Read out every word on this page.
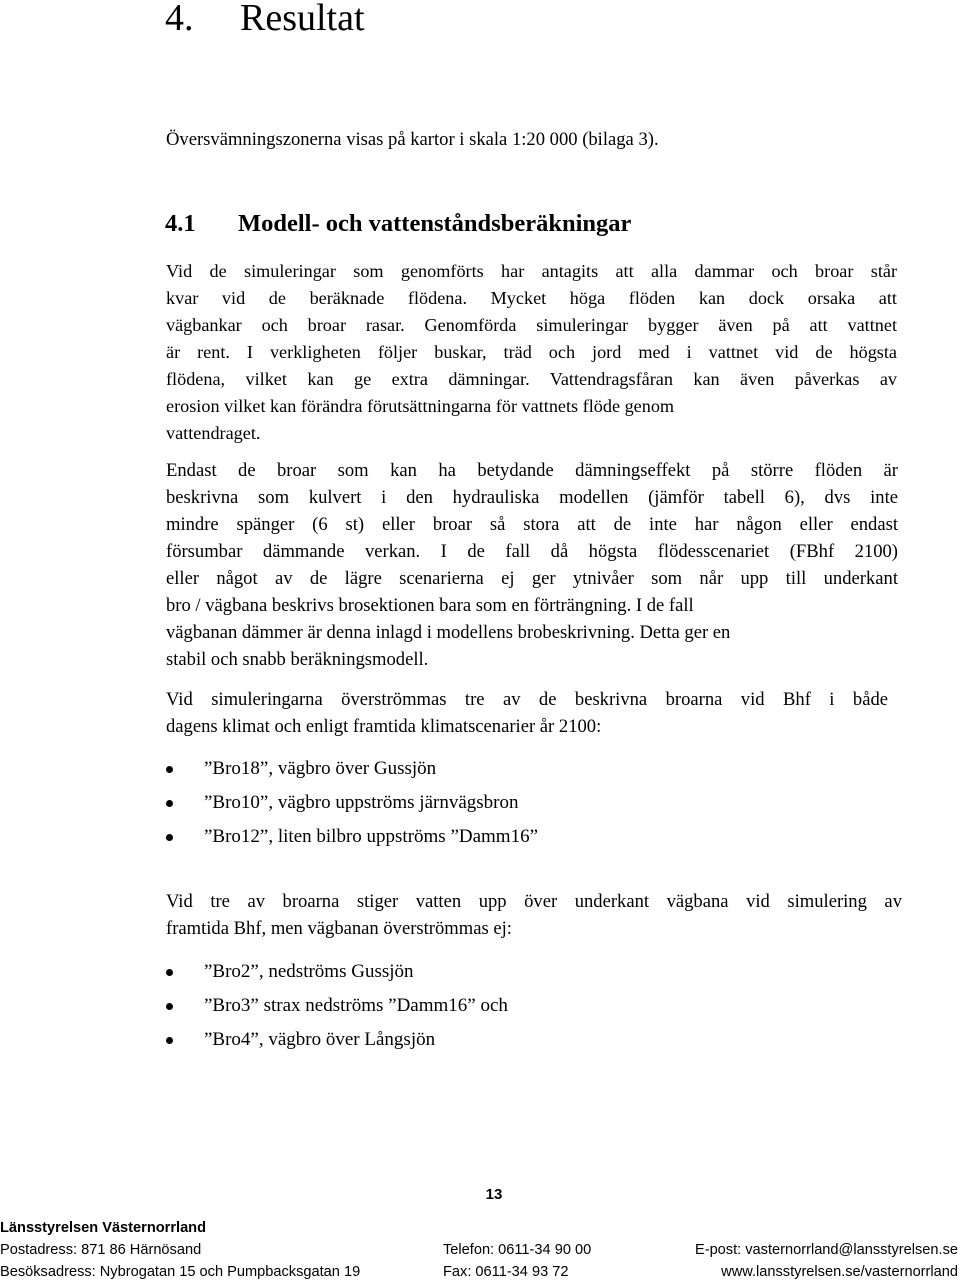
4. Resultat
Översvämningszonerna visas på kartor i skala 1:20 000 (bilaga 3).
4.1 Modell- och vattenståndsberäkningar
Vid de simuleringar som genomförts har antagits att alla dammar och broar står
kvar vid de beräknade flödena. Mycket höga flöden kan dock orsaka att
vägbankar och broar rasar. Genomförda simuleringar bygger även på att vattnet
är rent. I verkligheten följer buskar, träd och jord med i vattnet vid de högsta
flödena, vilket kan ge extra dämningar. Vattendragsfåran kan även påverkas av
erosion vilket kan förändra förutsättningarna för vattnets flöde genom
vattendraget.
Endast de broar som kan ha betydande dämningseffekt på större flöden är
beskrivna som kulvert i den hydrauliska modellen (jämför tabell 6), dvs inte
mindre spänger (6 st) eller broar så stora att de inte har någon eller endast
försumbar dämmande verkan. I de fall då högsta flödesscenariet (FBhf 2100)
eller något av de lägre scenarierna ej ger ytnivåer som når upp till underkant
bro / vägbana beskrivs brosektionen bara som en förträngning. I de fall
vägbanan dämmer är denna inlagd i modellens brobeskrivning. Detta ger en
stabil och snabb beräkningsmodell.
Vid simuleringarna överströmmas tre av de beskrivna broarna vid Bhf i både
dagens klimat och enligt framtida klimatscenarier år 2100:
”Bro18”, vägbro över Gussjön
”Bro10”, vägbro uppströms järnvägsbron
”Bro12”, liten bilbro uppströms ”Damm16”
Vid tre av broarna stiger vatten upp över underkant vägbana vid simulering av
framtida Bhf, men vägbanan överströmmas ej:
”Bro2”, nedströms Gussjön
”Bro3” strax nedströms ”Damm16” och
”Bro4”, vägbro över Långsjön
13
Länsstyrelsen Västernorrland
Postadress: 871 86 Härnösand	Telefon: 0611-34 90 00	E-post: vasternorrland@lansstyrelsen.se
Besöksadress: Nybrogatan 15 och Pumpbacksgatan 19	Fax: 0611-34 93 72	www.lansstyrelsen.se/vasternorrland
